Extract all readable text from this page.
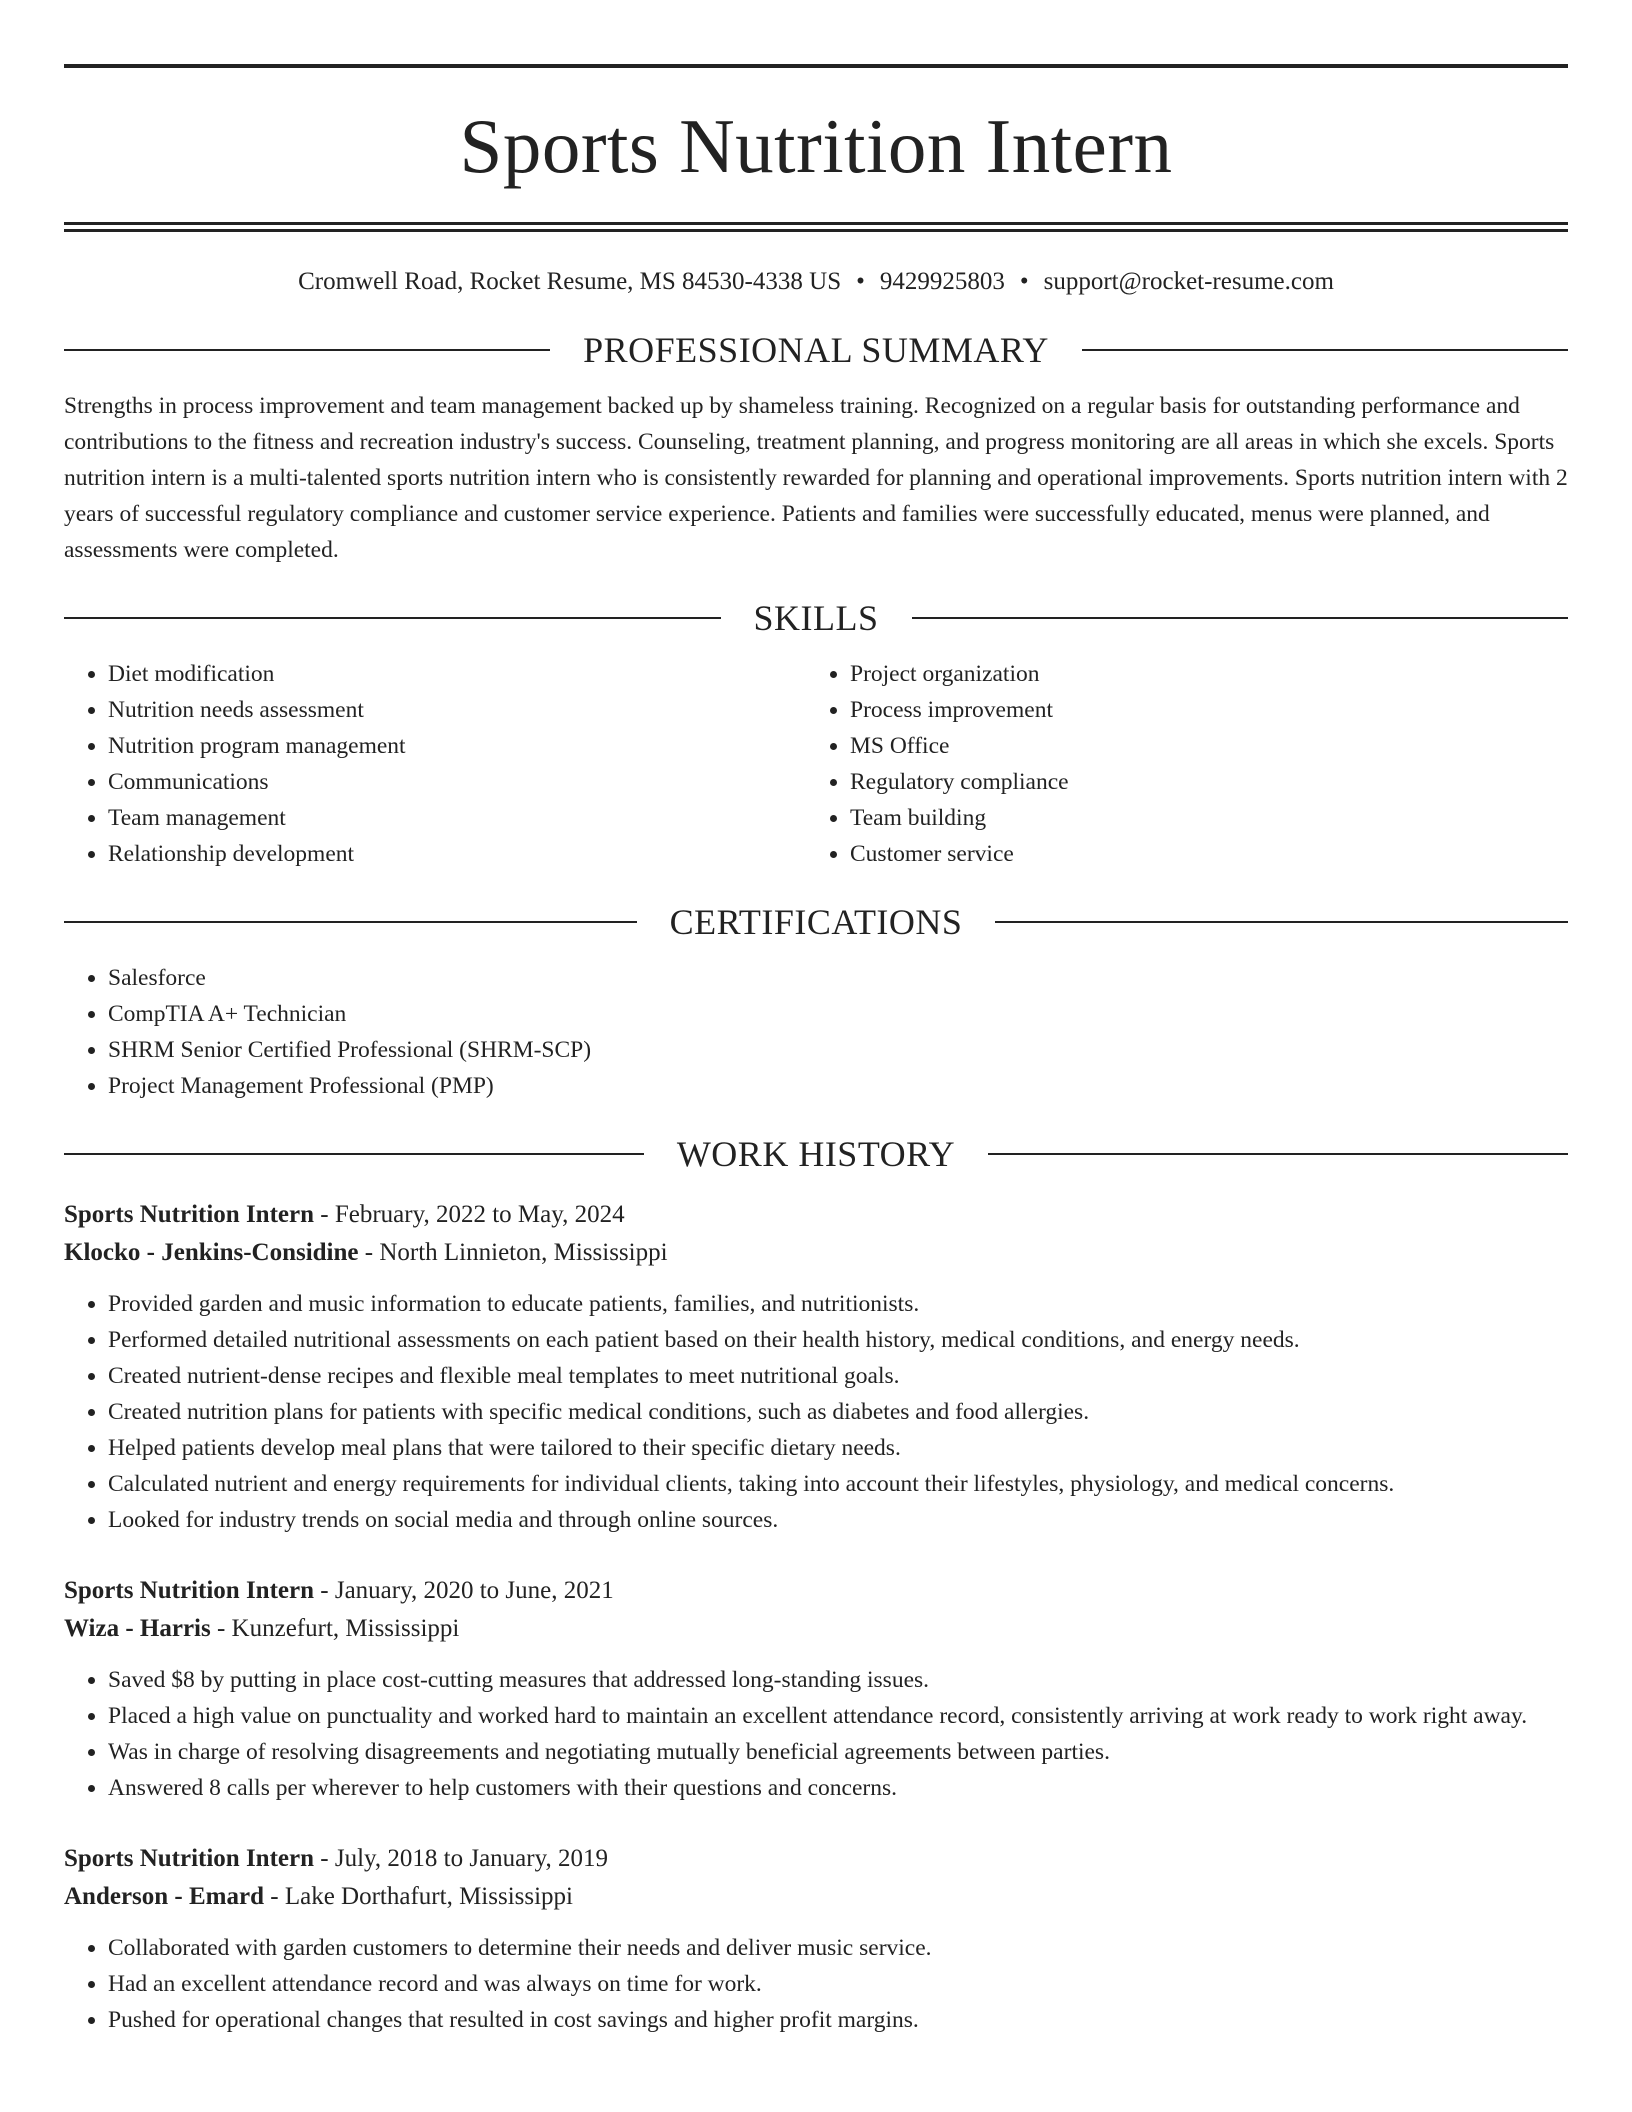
Sports Nutrition Intern
Cromwell Road, Rocket Resume, MS 84530-4338 US • 9429925803 • support@rocket-resume.com
PROFESSIONAL SUMMARY
Strengths in process improvement and team management backed up by shameless training. Recognized on a regular basis for outstanding performance and contributions to the fitness and recreation industry's success. Counseling, treatment planning, and progress monitoring are all areas in which she excels. Sports nutrition intern is a multi-talented sports nutrition intern who is consistently rewarded for planning and operational improvements. Sports nutrition intern with 2 years of successful regulatory compliance and customer service experience. Patients and families were successfully educated, menus were planned, and assessments were completed.
SKILLS
• Diet modification
• Nutrition needs assessment
• Nutrition program management
• Communications
• Team management
• Relationship development
• Project organization
• Process improvement
• MS Office
• Regulatory compliance
• Team building
• Customer service
CERTIFICATIONS
• Salesforce
• CompTIA A+ Technician
• SHRM Senior Certified Professional (SHRM-SCP)
• Project Management Professional (PMP)
WORK HISTORY
Sports Nutrition Intern - February, 2022 to May, 2024
Klocko - Jenkins-Considine - North Linnieton, Mississippi
• Provided garden and music information to educate patients, families, and nutritionists.
• Performed detailed nutritional assessments on each patient based on their health history, medical conditions, and energy needs.
• Created nutrient-dense recipes and flexible meal templates to meet nutritional goals.
• Created nutrition plans for patients with specific medical conditions, such as diabetes and food allergies.
• Helped patients develop meal plans that were tailored to their specific dietary needs.
• Calculated nutrient and energy requirements for individual clients, taking into account their lifestyles, physiology, and medical concerns.
• Looked for industry trends on social media and through online sources.
Sports Nutrition Intern - January, 2020 to June, 2021
Wiza - Harris - Kunzefurt, Mississippi
• Saved $8 by putting in place cost-cutting measures that addressed long-standing issues.
• Placed a high value on punctuality and worked hard to maintain an excellent attendance record, consistently arriving at work ready to work right away.
• Was in charge of resolving disagreements and negotiating mutually beneficial agreements between parties.
• Answered 8 calls per wherever to help customers with their questions and concerns.
Sports Nutrition Intern - July, 2018 to January, 2019
Anderson - Emard - Lake Dorthafurt, Mississippi
• Collaborated with garden customers to determine their needs and deliver music service.
• Had an excellent attendance record and was always on time for work.
• Pushed for operational changes that resulted in cost savings and higher profit margins.
